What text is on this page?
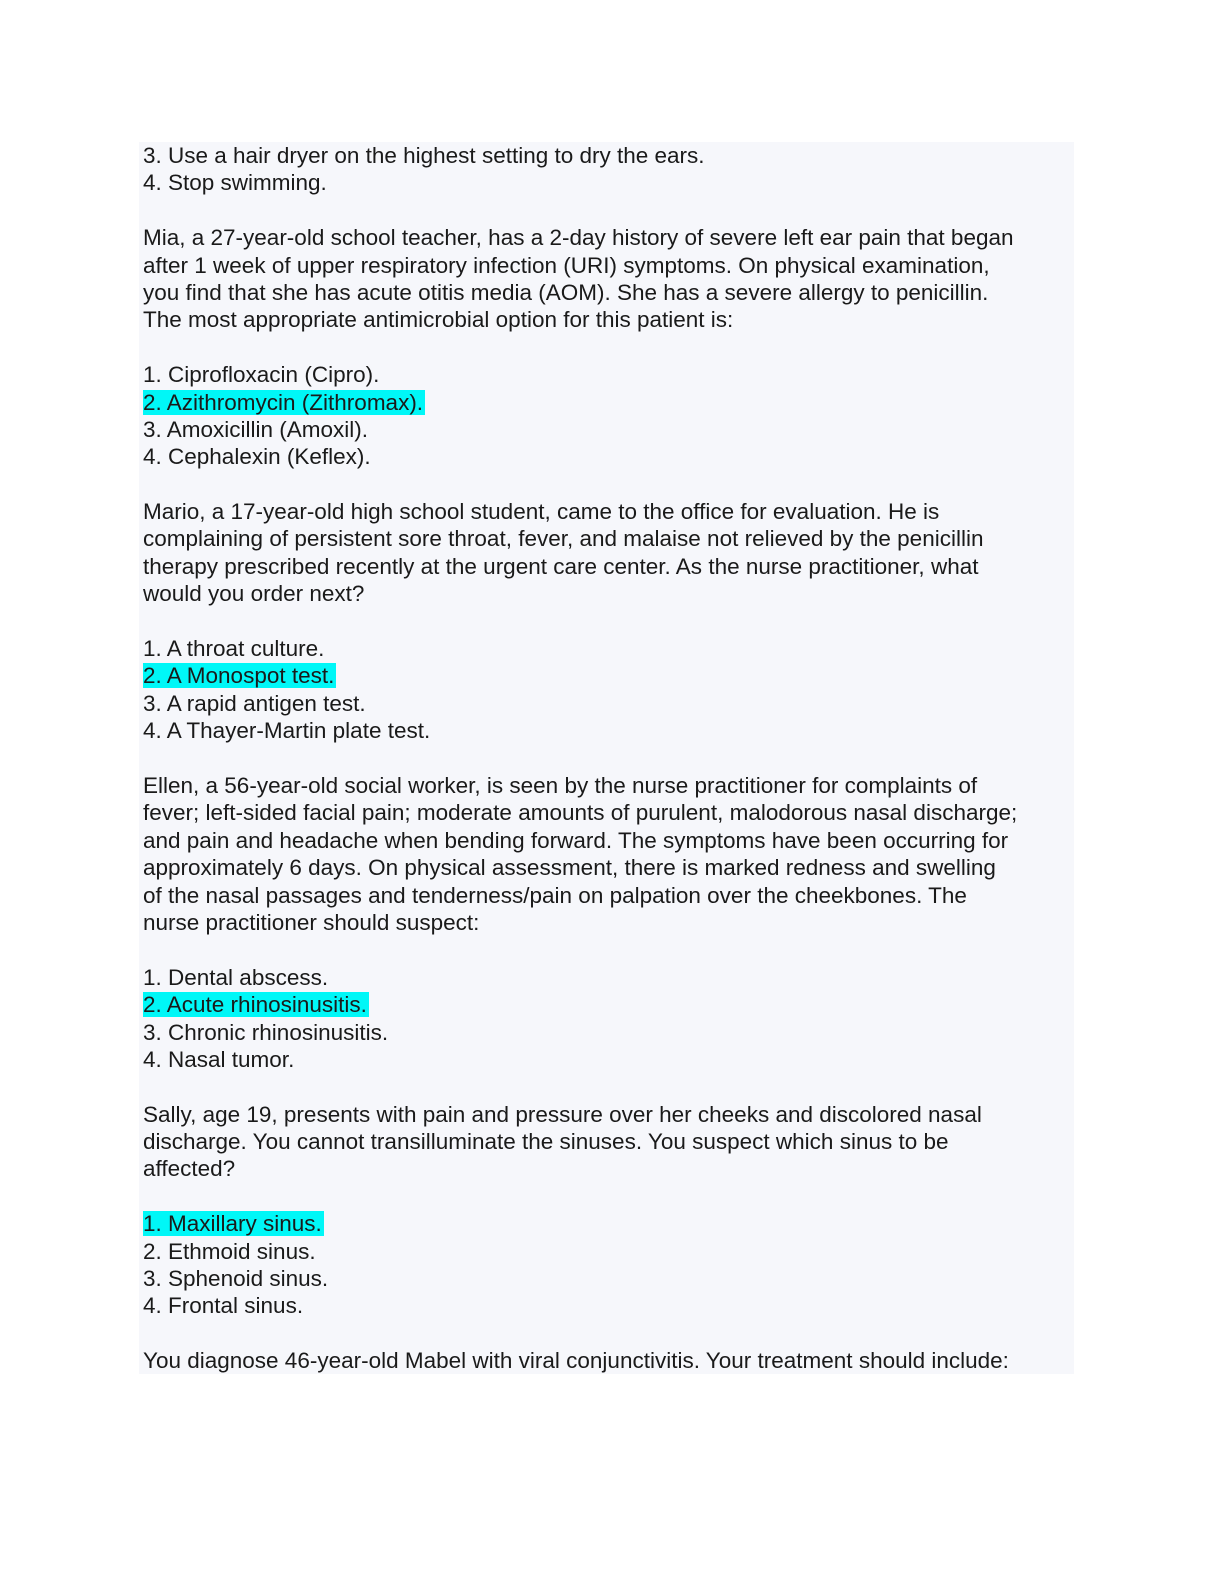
3. Use a hair dryer on the highest setting to dry the ears.
4. Stop swimming.
Mia, a 27-year-old school teacher, has a 2-day history of severe left ear pain that began
after 1 week of upper respiratory infection (URI) symptoms. On physical examination,
you find that she has acute otitis media (AOM). She has a severe allergy to penicillin.
The most appropriate antimicrobial option for this patient is:
1. Ciprofloxacin (Cipro).
2. Azithromycin (Zithromax).
3. Amoxicillin (Amoxil).
4. Cephalexin (Keflex).
Mario, a 17-year-old high school student, came to the office for evaluation. He is
complaining of persistent sore throat, fever, and malaise not relieved by the penicillin
therapy prescribed recently at the urgent care center. As the nurse practitioner, what
would you order next?
1. A throat culture.
2. A Monospot test.
3. A rapid antigen test.
4. A Thayer-Martin plate test.
Ellen, a 56-year-old social worker, is seen by the nurse practitioner for complaints of
fever; left-sided facial pain; moderate amounts of purulent, malodorous nasal discharge;
and pain and headache when bending forward. The symptoms have been occurring for
approximately 6 days. On physical assessment, there is marked redness and swelling
of the nasal passages and tenderness/pain on palpation over the cheekbones. The
nurse practitioner should suspect:
1. Dental abscess.
2. Acute rhinosinusitis.
3. Chronic rhinosinusitis.
4. Nasal tumor.
Sally, age 19, presents with pain and pressure over her cheeks and discolored nasal
discharge. You cannot transilluminate the sinuses. You suspect which sinus to be
affected?
1. Maxillary sinus.
2. Ethmoid sinus.
3. Sphenoid sinus.
4. Frontal sinus.
You diagnose 46-year-old Mabel with viral conjunctivitis. Your treatment should include:
